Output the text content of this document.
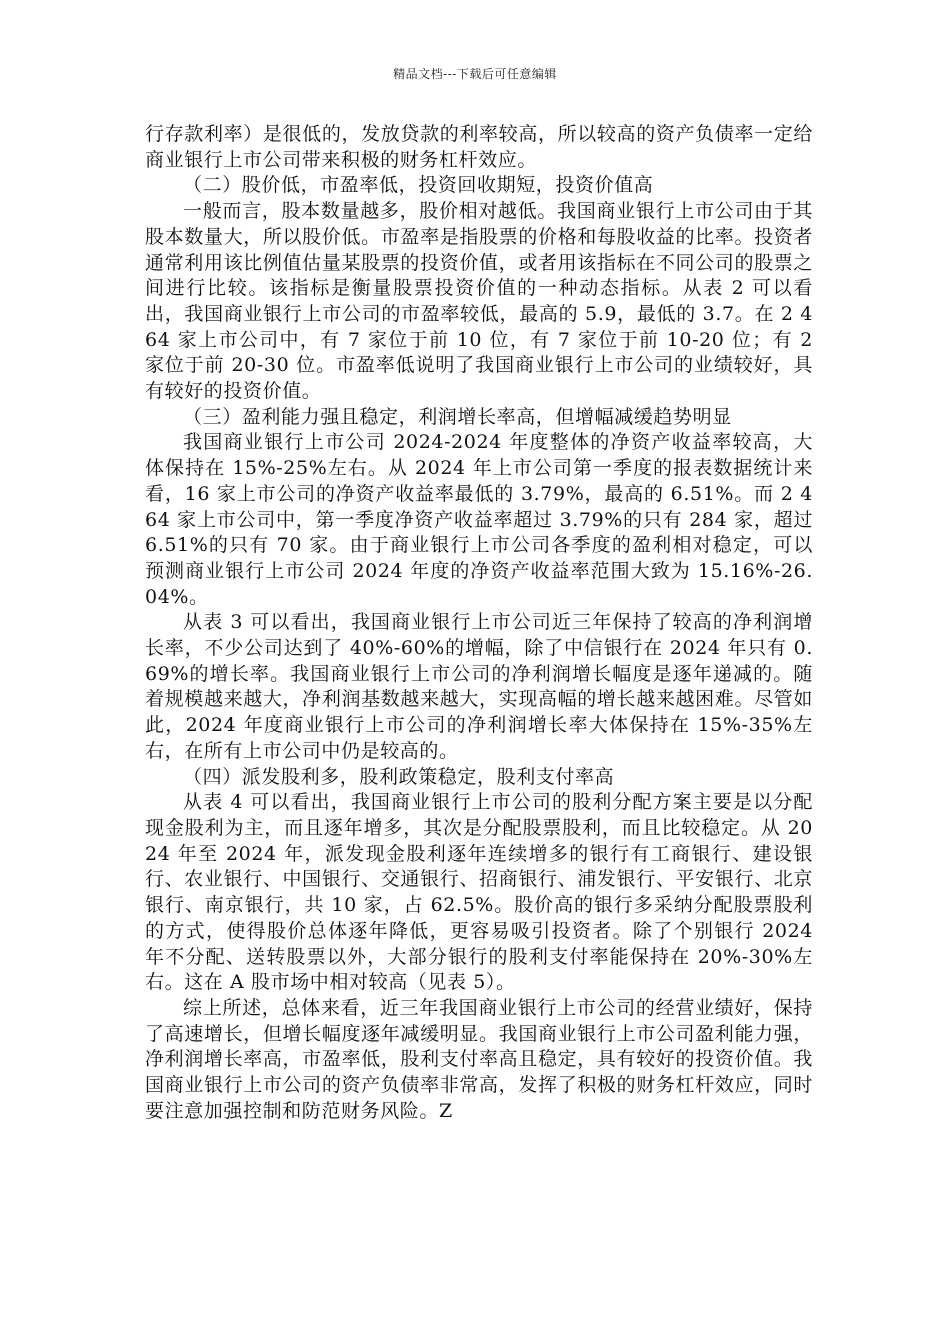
精品文档---下载后可任意编辑

行存款利率）是很低的，发放贷款的利率较高，所以较高的资产负债率一定给商业银行上市公司带来积极的财务杠杆效应。

（二）股价低，市盈率低，投资回收期短，投资价值高

一般而言，股本数量越多，股价相对越低。我国商业银行上市公司由于其股本数量大，所以股价低。市盈率是指股票的价格和每股收益的比率。投资者通常利用该比例值估量某股票的投资价值，或者用该指标在不同公司的股票之间进行比较。该指标是衡量股票投资价值的一种动态指标。从表 2 可以看出，我国商业银行上市公司的市盈率较低，最高的 5.9，最低的 3.7。在 2 464 家上市公司中，有 7 家位于前 10 位，有 7 家位于前 10-20 位；有 2 家位于前 20-30 位。市盈率低说明了我国商业银行上市公司的业绩较好，具有较好的投资价值。

（三）盈利能力强且稳定，利润增长率高，但增幅减缓趋势明显

我国商业银行上市公司 2024-2024 年度整体的净资产收益率较高，大体保持在 15%-25%左右。从 2024 年上市公司第一季度的报表数据统计来看，16 家上市公司的净资产收益率最低的 3.79%，最高的 6.51%。而 2 464 家上市公司中，第一季度净资产收益率超过 3.79%的只有 284 家，超过 6.51%的只有 70 家。由于商业银行上市公司各季度的盈利相对稳定，可以预测商业银行上市公司 2024 年度的净资产收益率范围大致为 15.16%-26.04%。

从表 3 可以看出，我国商业银行上市公司近三年保持了较高的净利润增长率，不少公司达到了 40%-60%的增幅，除了中信银行在 2024 年只有 0.69%的增长率。我国商业银行上市公司的净利润增长幅度是逐年递减的。随着规模越来越大，净利润基数越来越大，实现高幅的增长越来越困难。尽管如此，2024 年度商业银行上市公司的净利润增长率大体保持在 15%-35%左右，在所有上市公司中仍是较高的。

（四）派发股利多，股利政策稳定，股利支付率高

从表 4 可以看出，我国商业银行上市公司的股利分配方案主要是以分配现金股利为主，而且逐年增多，其次是分配股票股利，而且比较稳定。从 2024 年至 2024 年，派发现金股利逐年连续增多的银行有工商银行、建设银行、农业银行、中国银行、交通银行、招商银行、浦发银行、平安银行、北京银行、南京银行，共 10 家，占 62.5%。股价高的银行多采纳分配股票股利的方式，使得股价总体逐年降低，更容易吸引投资者。除了个别银行 2024 年不分配、送转股票以外，大部分银行的股利支付率能保持在 20%-30%左右。这在 A 股市场中相对较高（见表 5）。

综上所述，总体来看，近三年我国商业银行上市公司的经营业绩好，保持了高速增长，但增长幅度逐年减缓明显。我国商业银行上市公司盈利能力强，净利润增长率高，市盈率低，股利支付率高且稳定，具有较好的投资价值。我国商业银行上市公司的资产负债率非常高，发挥了积极的财务杠杆效应，同时要注意加强控制和防范财务风险。Z
